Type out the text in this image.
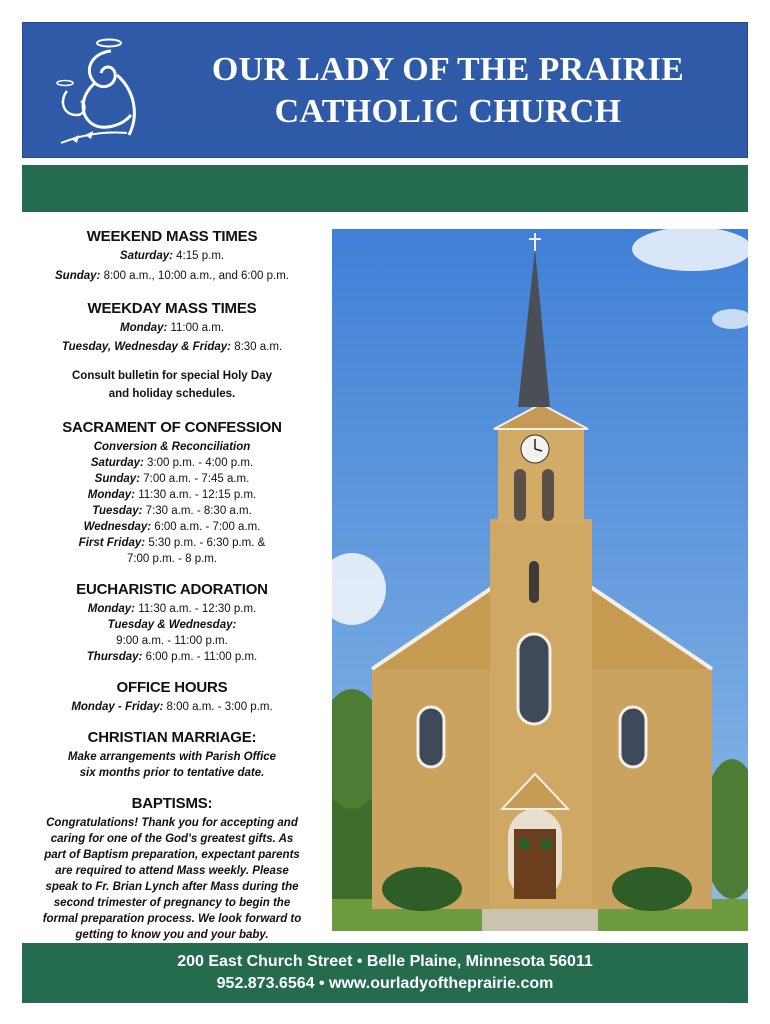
OUR LADY OF THE PRAIRIE
CATHOLIC CHURCH
WEEKEND MASS TIMES

Saturday: 4:15 p.m.

Sunday: 8:00 a.m., 10:00 a.m., and 6:00 p.m.

WEEKDAY MASS TIMES

Monday: 11:00 a.m.

Tuesday, Wednesday & Friday: 8:30 a.m.

Consult bulletin for special Holy Day
and holiday schedules.
SACRAMENT OF CONFESSION
Conversion & Reconciliation

Saturday: 3:00 p.m. - 4:00 p.m.

Sunday: 7:00 a.m. - 7:45 a.m.

Monday: 11:30 a.m. - 12:15 p.m.

Tuesday: 7:30 a.m. - 8:30 a.m.

Wednesday: 6:00 a.m. - 7:00 a.m.

First Friday: 5:30 p.m. - 6:30 p.m. &

7:00 p.m. - 8 p.m.

EUCHARISTIC ADORATION

Monday: 11:30 a.m. - 12:30 p.m.

Tuesday & Wednesday:

9:00 a.m. - 11:00 p.m.

Thursday: 6:00 p.m. - 11:00 p.m.

OFFICE HOURS

Monday - Friday: 8:00 a.m. - 3:00 p.m.

CHRISTIAN MARRIAGE:

Make arrangements with Parish Office

six months prior to tentative date.

BAPTISMS:

Congratulations! Thank you for accepting and

caring for one of the God's greatest gifts. As

part of Baptism preparation, expectant parents

are required to attend Mass weekly. Please

speak to Fr. Brian Lynch after Mass during the

second trimester of pregnancy to begin the

formal preparation process. We look forward to

getting to know you and your baby.

200 East Church Street • Belle Plaine, Minnesota 56011
952.873.6564 • www.ourladyoftheprairie.com
